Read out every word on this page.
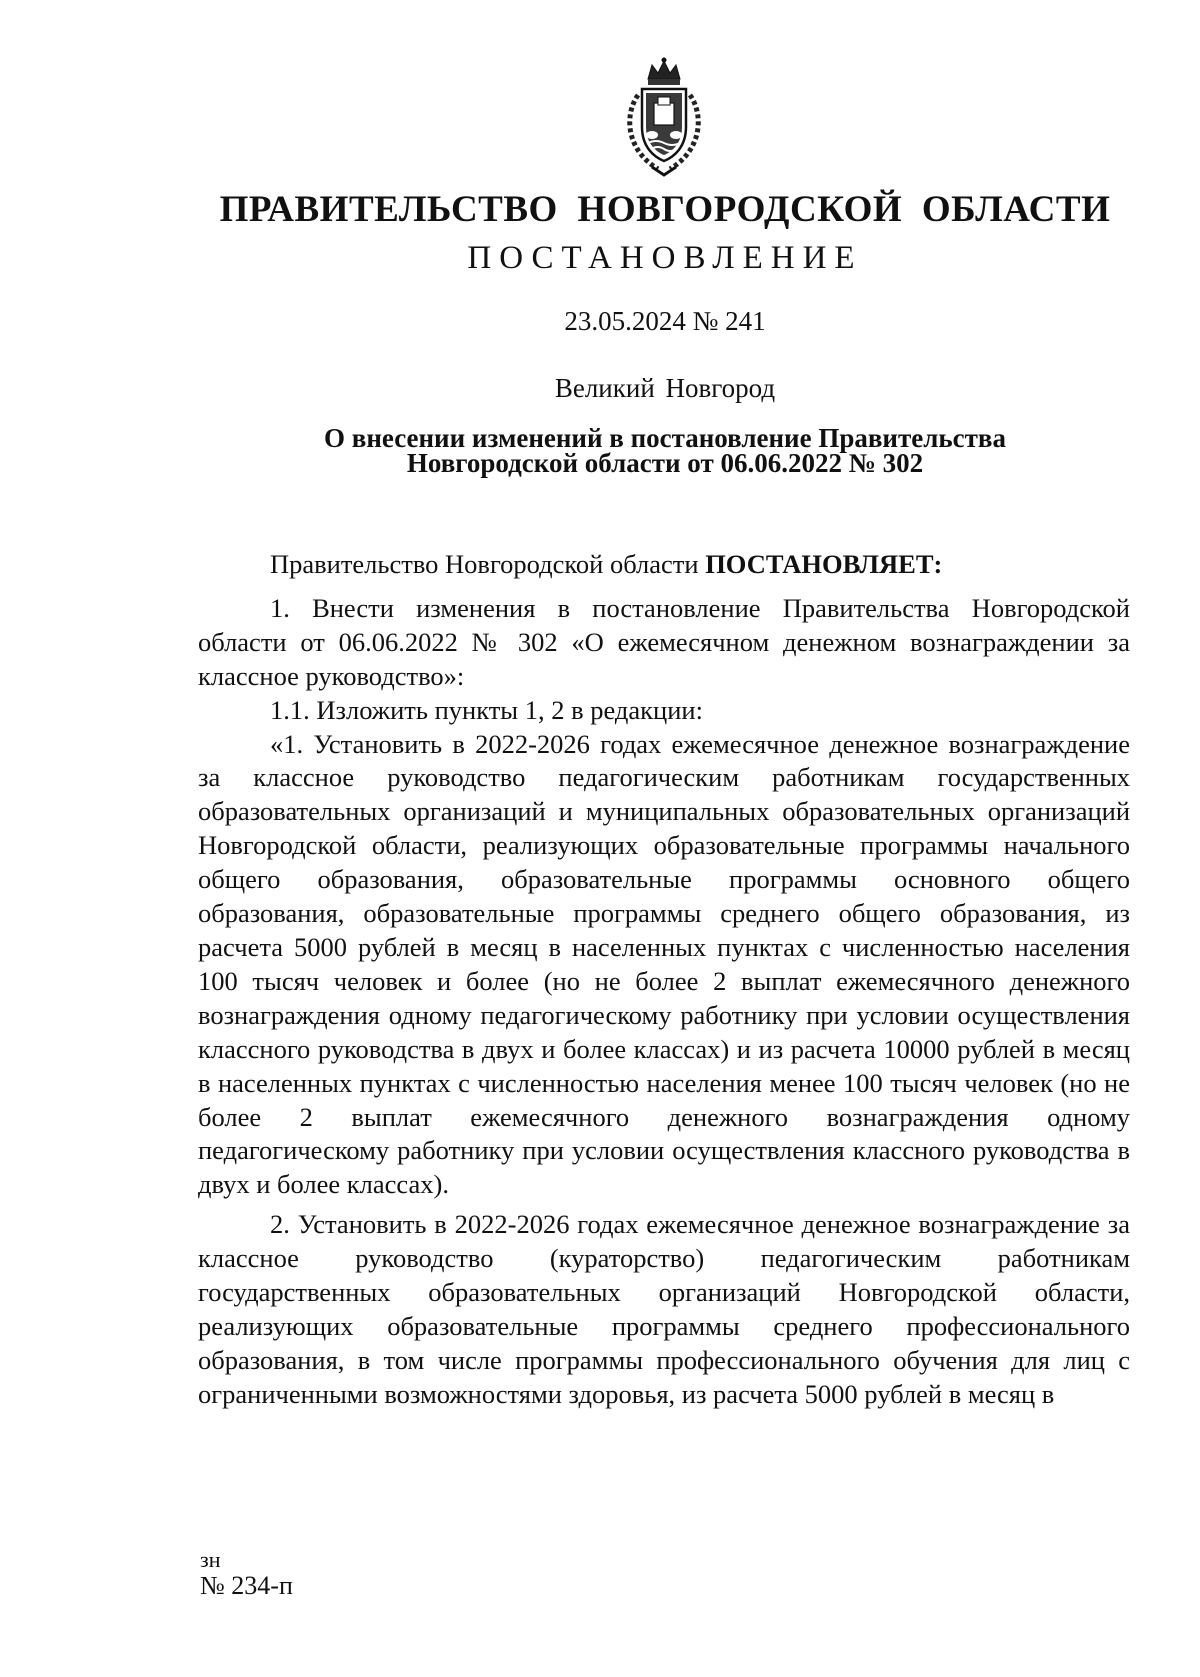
ПРАВИТЕЛЬСТВО НОВГОРОДСКОЙ ОБЛАСТИ
ПОСТАНОВЛЕНИЕ
23.05.2024 № 241
Великий Новгород
О внесении изменений в постановление Правительства
Новгородской области от 06.06.2022 № 302

Правительство Новгородской области ПОСТАНОВЛЯЕТ:

1. Внести изменения в постановление Правительства Новгородской области от 06.06.2022 № 302 «О ежемесячном денежном вознаграждении за классное руководство»:

1.1. Изложить пункты 1, 2 в редакции:

«1. Установить в 2022-2026 годах ежемесячное денежное вознаграждение за классное руководство педагогическим работникам государственных образовательных организаций и муниципальных образовательных организаций Новгородской области, реализующих образовательные программы начального общего образования, образовательные программы основного общего образования, образовательные программы среднего общего образования, из расчета 5000 рублей в месяц в населенных пунктах с численностью населения 100 тысяч человек и более (но не более 2 выплат ежемесячного денежного вознаграждения одному педагогическому работнику при условии осуществления классного руководства в двух и более классах) и из расчета 10000 рублей в месяц в населенных пунктах с численностью населения менее 100 тысяч человек (но не более 2 выплат ежемесячного денежного вознаграждения одному педагогическому работнику при условии осуществления классного руководства в двух и более классах).

2. Установить в 2022-2026 годах ежемесячное денежное вознаграждение за классное руководство (кураторство) педагогическим работникам государственных образовательных организаций Новгородской области, реализующих образовательные программы среднего профессионального образования, в том числе программы профессионального обучения для лиц с ограниченными возможностями здоровья, из расчета 5000 рублей в месяц в

зн
№ 234-п
